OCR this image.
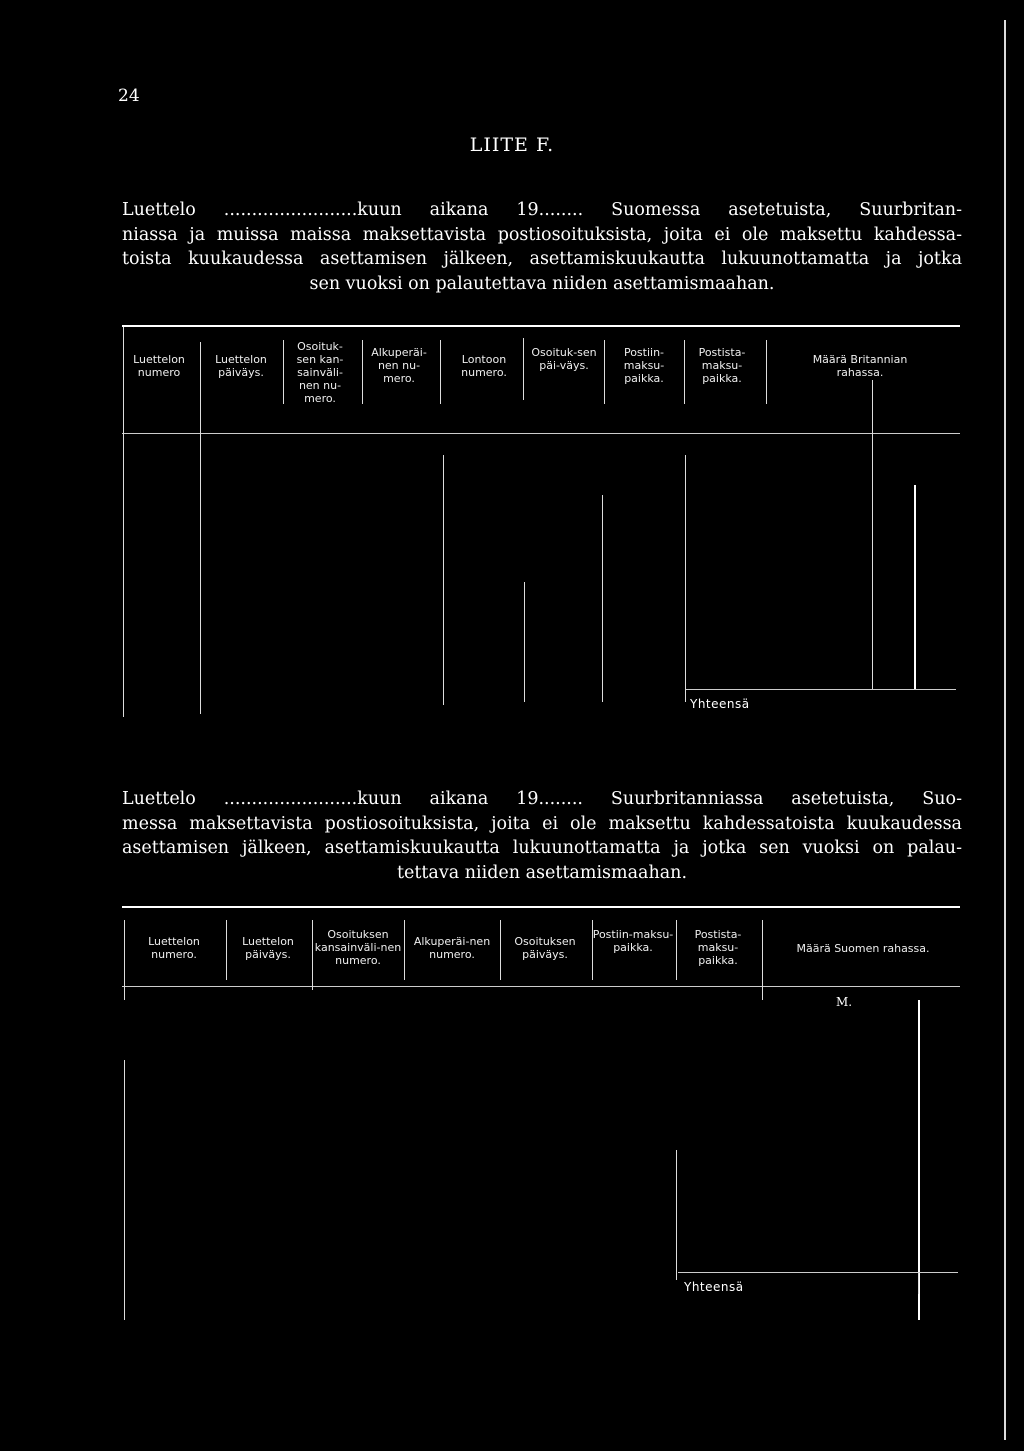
24
LIITE F.
Luettelo ........................kuun aikana 19........ Suomessa asetetuista, Suurbritan-
niassa ja muissa maissa maksettavista postiosoituksista, joita ei ole maksettu kahdessa-
toista kuukaudessa asettamisen jälkeen, asettamiskuukautta lukuunottamatta ja jotka
sen vuoksi on palautettava niiden asettamismaahan.
Luettelon numero
Luettelon päiväys.
Osoituk-sen kan-sainväli-nen nu-mero.
Alkuperäi-nen nu-mero.
Lontoon numero.
Osoituk-sen päi-väys.
Postiin-maksu-paikka.
Postista-maksu-paikka.
Määrä Britannian rahassa.
Yhteensä
Luettelo ........................kuun aikana 19........ Suurbritanniassa asetetuista, Suo-
messa maksettavista postiosoituksista, joita ei ole maksettu kahdessatoista kuukaudessa
asettamisen jälkeen, asettamiskuukautta lukuunottamatta ja jotka sen vuoksi on palau-
tettava niiden asettamismaahan.
Luettelon numero.
Luettelon päiväys.
Osoituksen kansainväli-nen numero.
Alkuperäi-nen numero.
Osoituksen päiväys.
Postiin-maksu-paikka.
Postista-maksu-paikka.
Määrä Suomen rahassa.
M.
Yhteensä
